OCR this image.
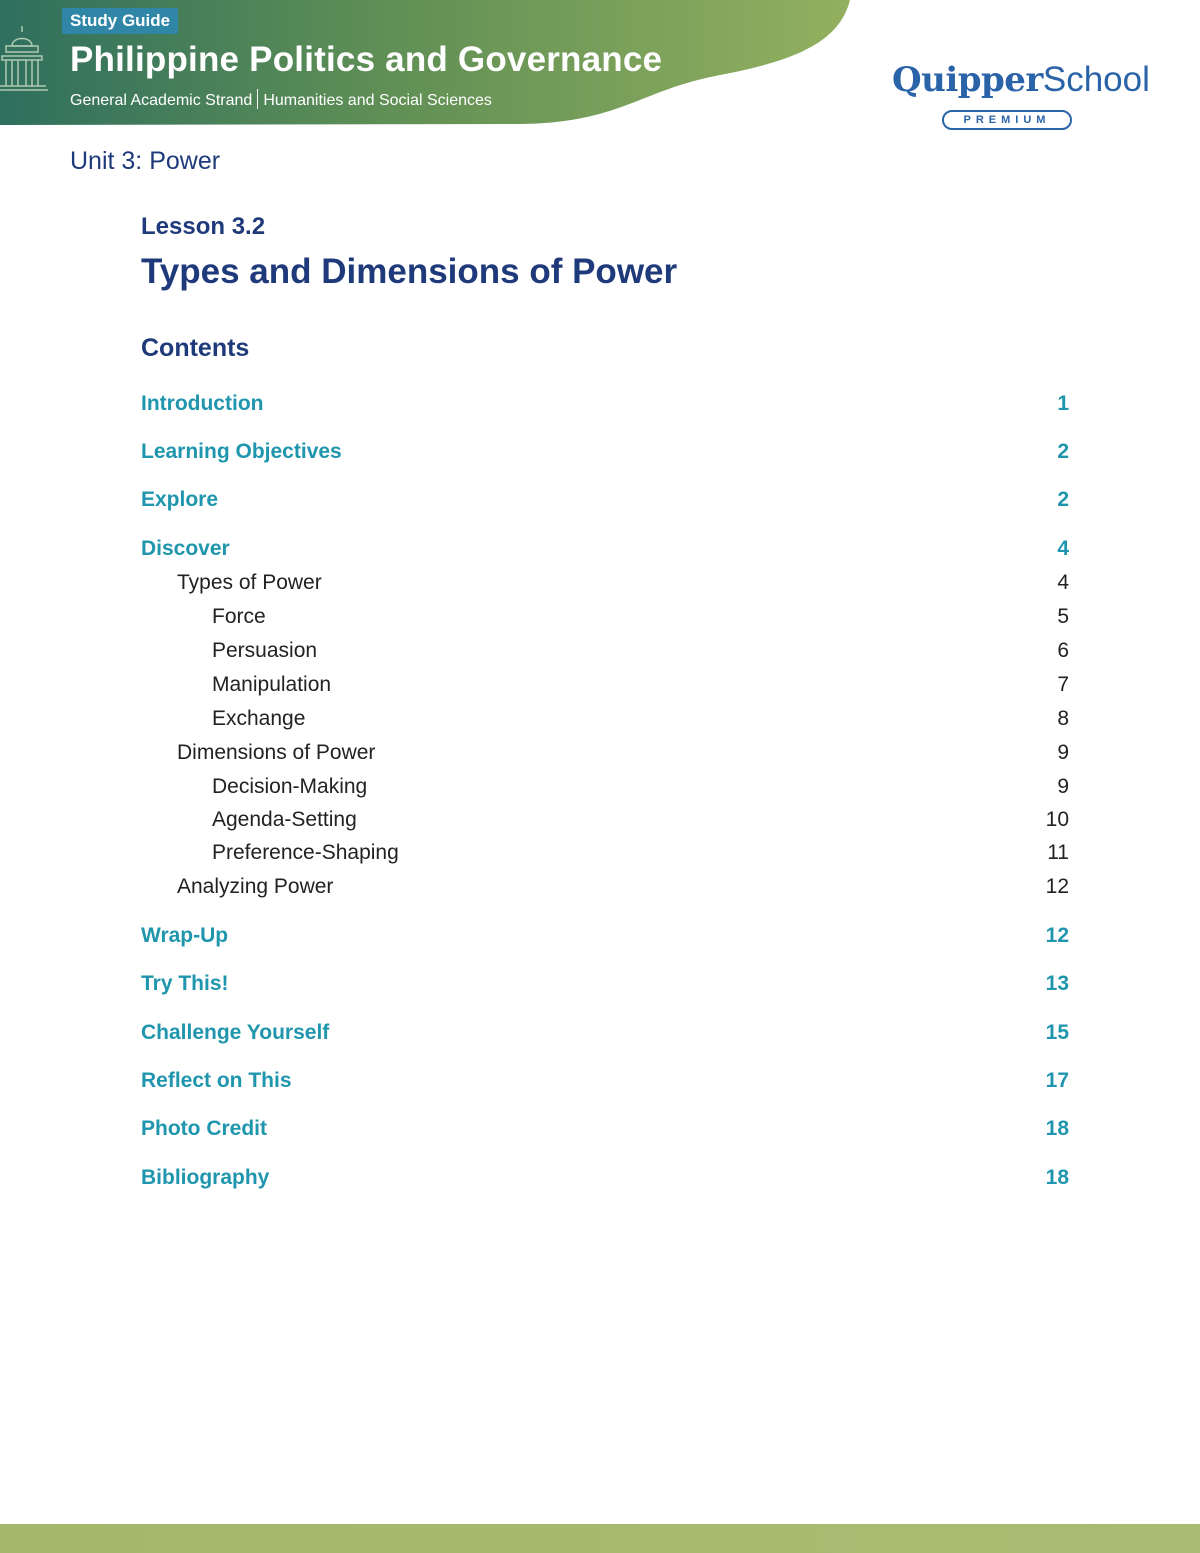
Study Guide
Philippine Politics and Governance
General Academic Strand Humanities and Social Sciences
QuipperSchool
PREMIUM
Unit 3: Power
Lesson 3.2
Types and Dimensions of Power
Contents
Introduction	1
Learning Objectives	2
Explore	2
Discover	4
Types of Power	4
Force	5
Persuasion	6
Manipulation	7
Exchange	8
Dimensions of Power	9
Decision-Making	9
Agenda-Setting	10
Preference-Shaping	11
Analyzing Power	12
Wrap-Up	12
Try This!	13
Challenge Yourself	15
Reflect on This	17
Photo Credit	18
Bibliography	18
